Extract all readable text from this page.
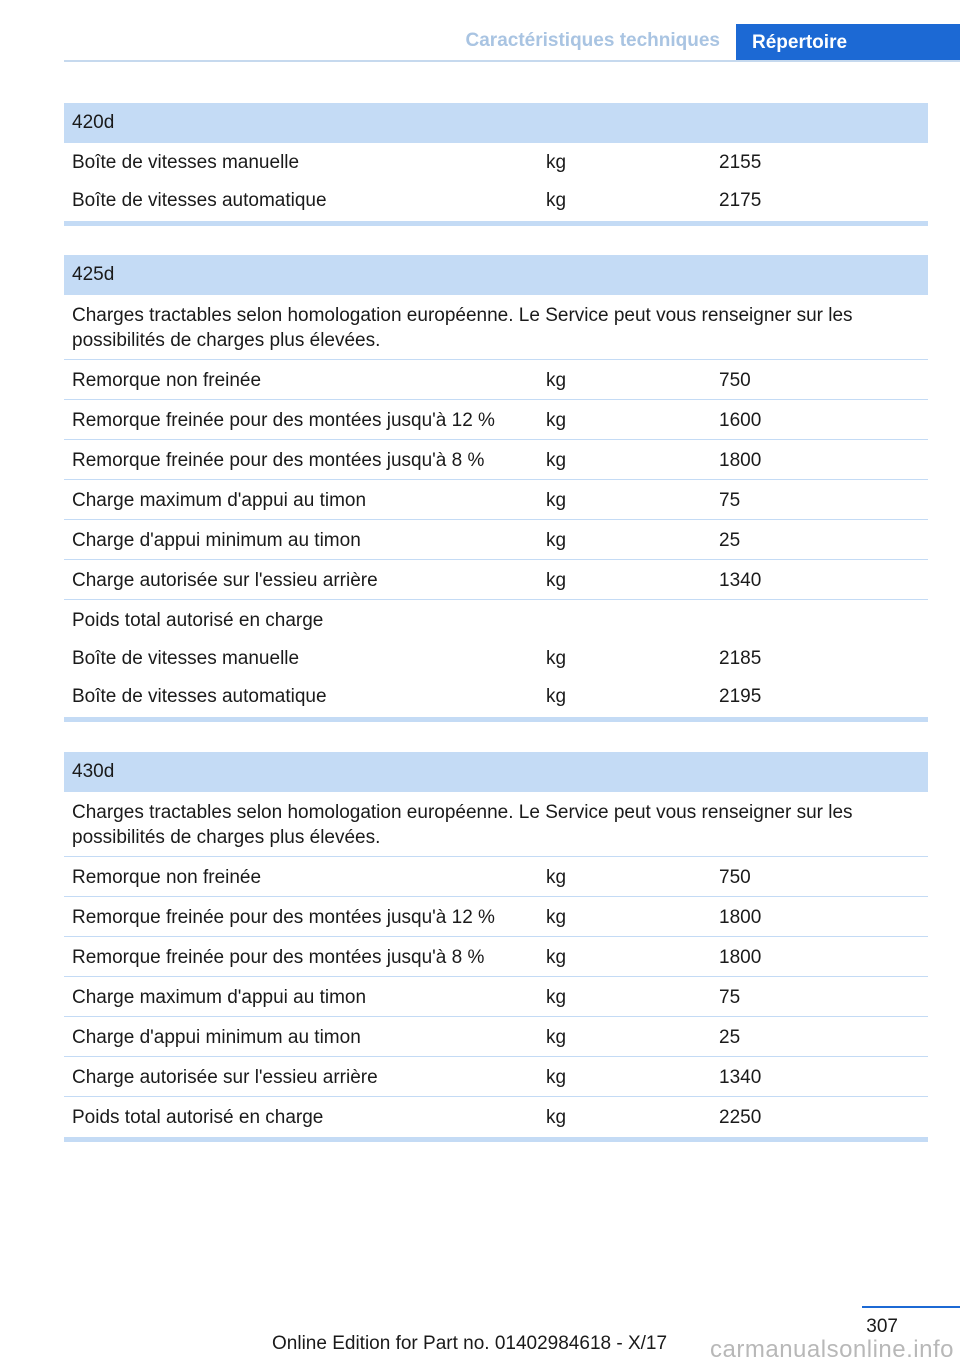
Caractéristiques techniques	Répertoire
420d
Boîte de vitesses manuelle	kg	2155
Boîte de vitesses automatique	kg	2175
425d
Charges tractables selon homologation européenne. Le Service peut vous renseigner sur les possibilités de charges plus élevées.
Remorque non freinée	kg	750
Remorque freinée pour des montées jusqu'à 12 %	kg	1600
Remorque freinée pour des montées jusqu'à 8 %	kg	1800
Charge maximum d'appui au timon	kg	75
Charge d'appui minimum au timon	kg	25
Charge autorisée sur l'essieu arrière	kg	1340
Poids total autorisé en charge
Boîte de vitesses manuelle	kg	2185
Boîte de vitesses automatique	kg	2195
430d
Charges tractables selon homologation européenne. Le Service peut vous renseigner sur les possibilités de charges plus élevées.
Remorque non freinée	kg	750
Remorque freinée pour des montées jusqu'à 12 %	kg	1800
Remorque freinée pour des montées jusqu'à 8 %	kg	1800
Charge maximum d'appui au timon	kg	75
Charge d'appui minimum au timon	kg	25
Charge autorisée sur l'essieu arrière	kg	1340
Poids total autorisé en charge	kg	2250
307
Online Edition for Part no. 01402984618 - X/17 carmanualsonline.info
